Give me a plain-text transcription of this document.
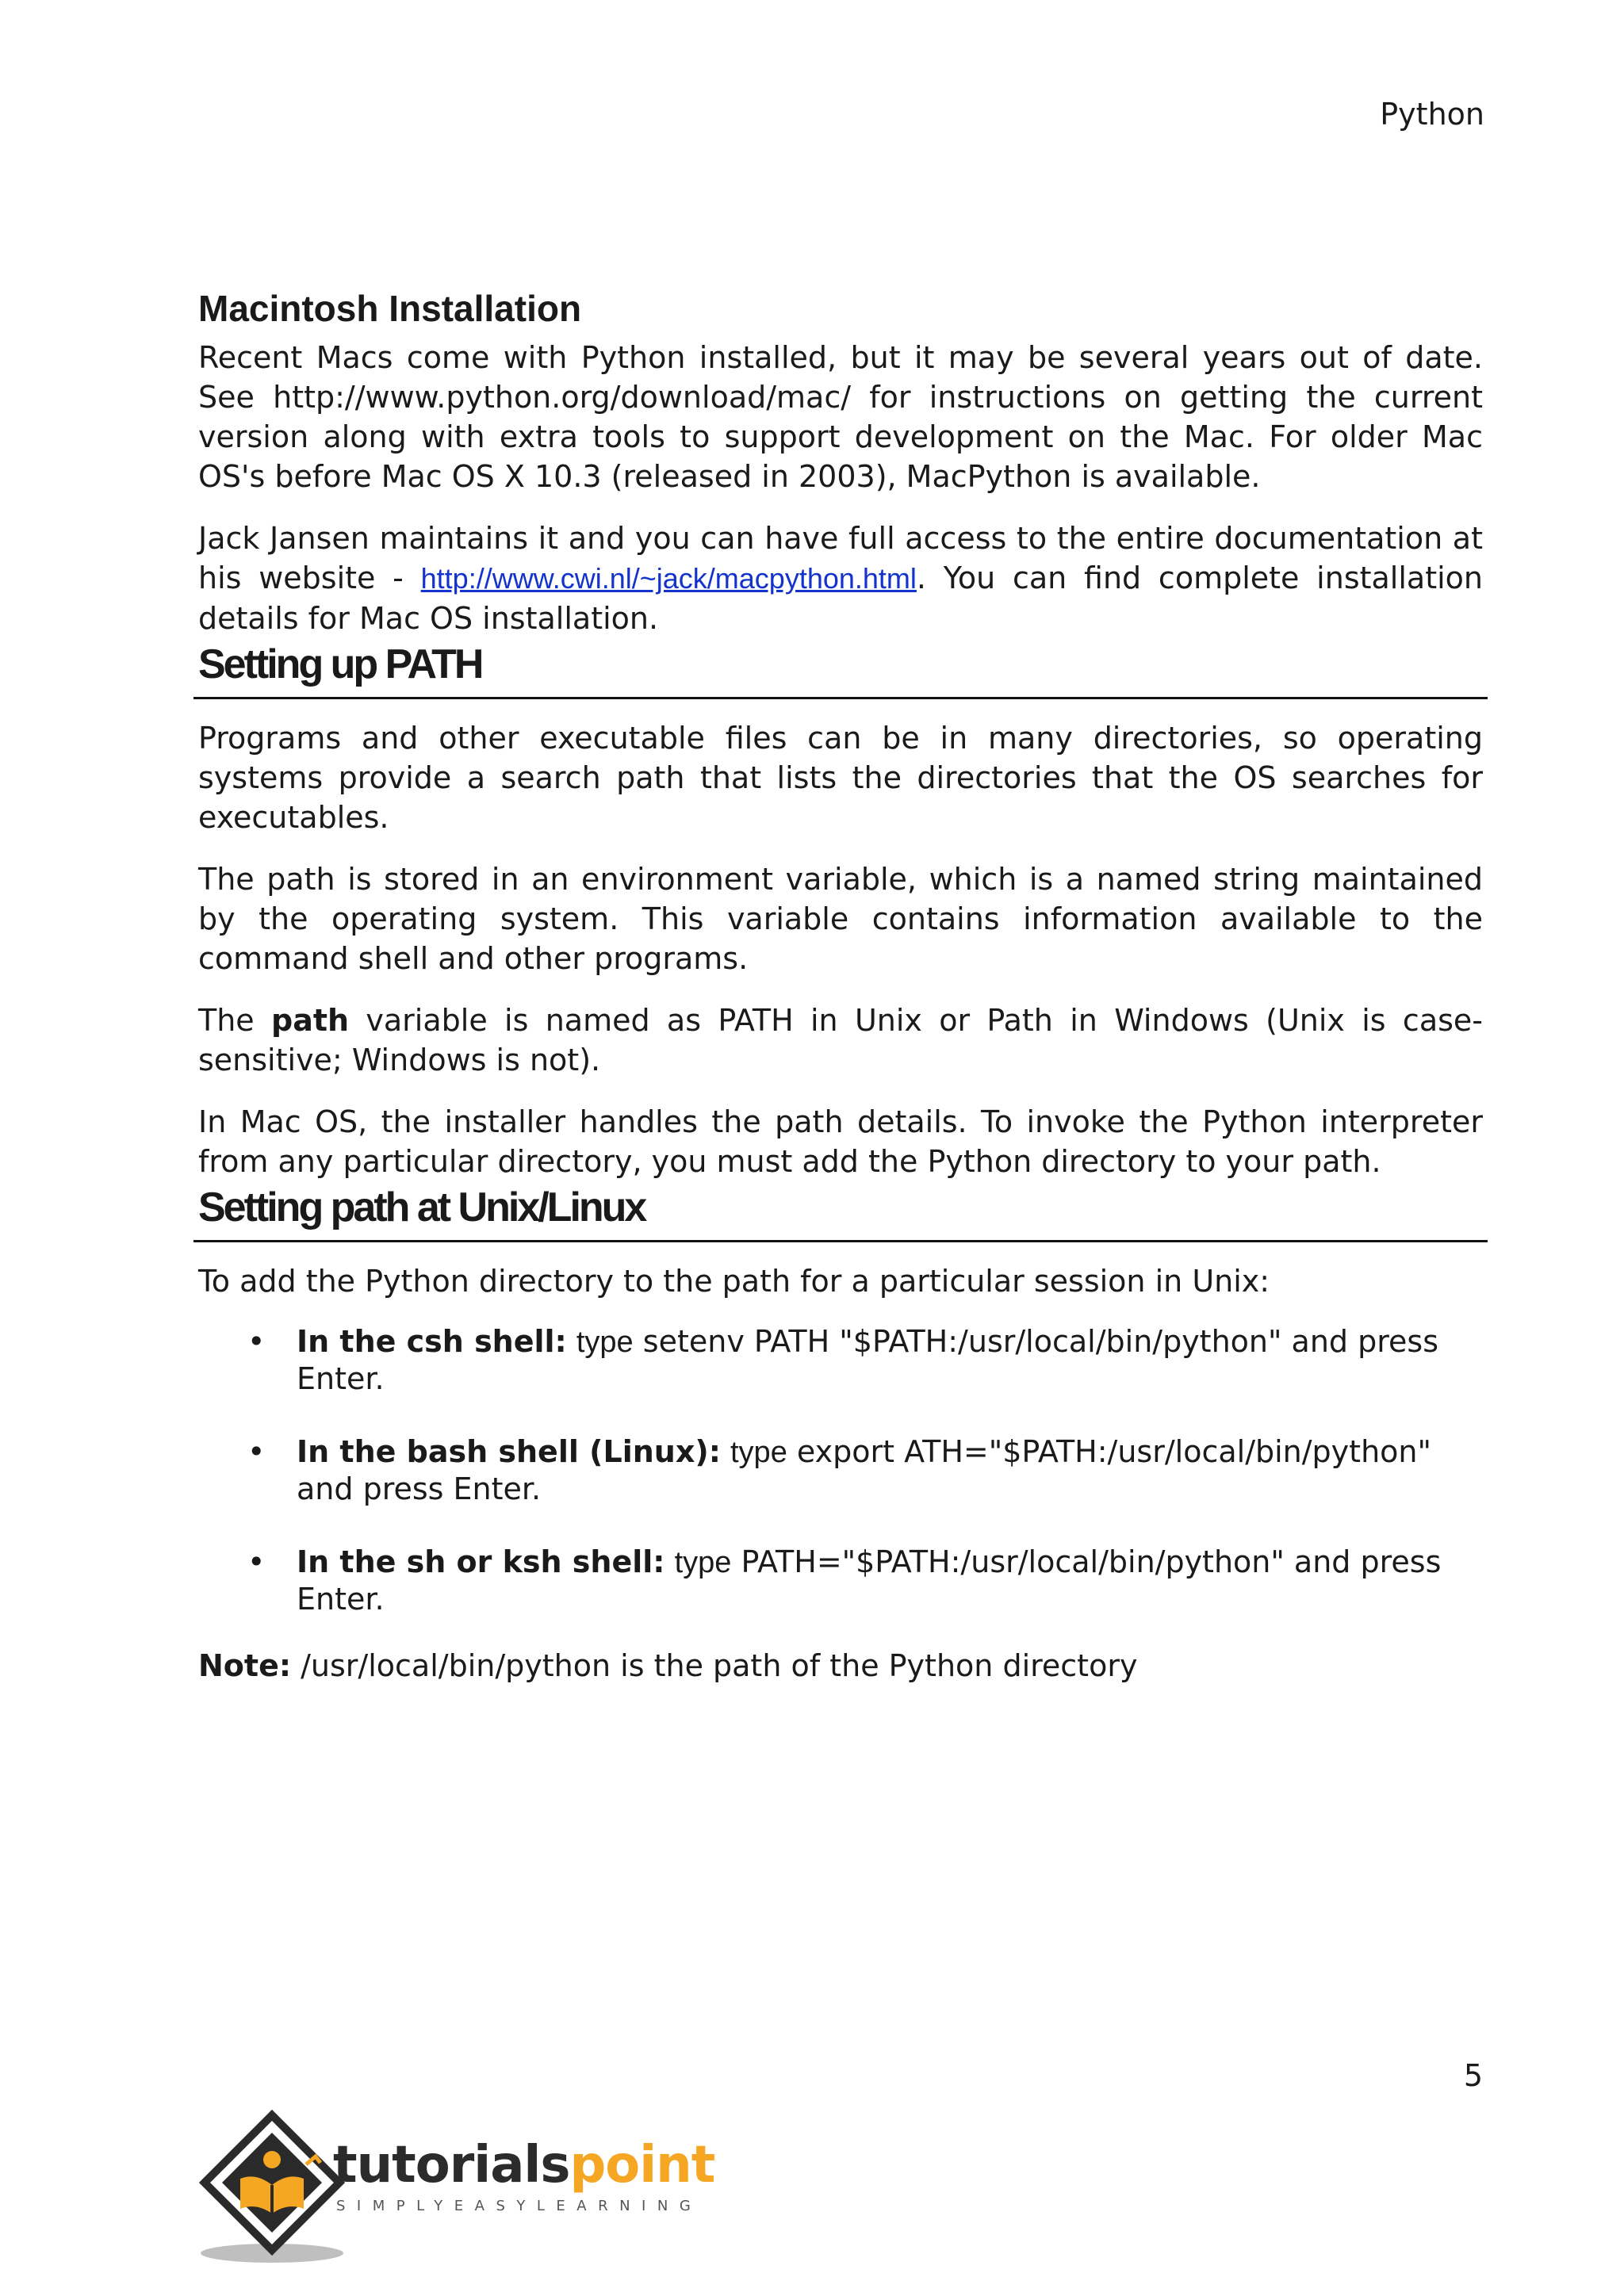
Python
Macintosh Installation

Recent Macs come with Python installed, but it may be several years out of date. See http://www.python.org/download/mac/ for instructions on getting the current version along with extra tools to support development on the Mac. For older Mac OS's before Mac OS X 10.3 (released in 2003), MacPython is available.

Jack Jansen maintains it and you can have full access to the entire documentation at his website - http://www.cwi.nl/~jack/macpython.html. You can find complete installation details for Mac OS installation.

Setting up PATH

Programs and other executable files can be in many directories, so operating systems provide a search path that lists the directories that the OS searches for executables.

The path is stored in an environment variable, which is a named string maintained by the operating system. This variable contains information available to the command shell and other programs.

The path variable is named as PATH in Unix or Path in Windows (Unix is case-sensitive; Windows is not).

In Mac OS, the installer handles the path details. To invoke the Python interpreter from any particular directory, you must add the Python directory to your path.

Setting path at Unix/Linux

To add the Python directory to the path for a particular session in Unix:

• In the csh shell: type setenv PATH "$PATH:/usr/local/bin/python" and press Enter.
• In the bash shell (Linux): type export ATH="$PATH:/usr/local/bin/python" and press Enter.
• In the sh or ksh shell: type PATH="$PATH:/usr/local/bin/python" and press Enter.

Note: /usr/local/bin/python is the path of the Python directory

5
tutorialspoint
SIMPLYEASYLEARNING
